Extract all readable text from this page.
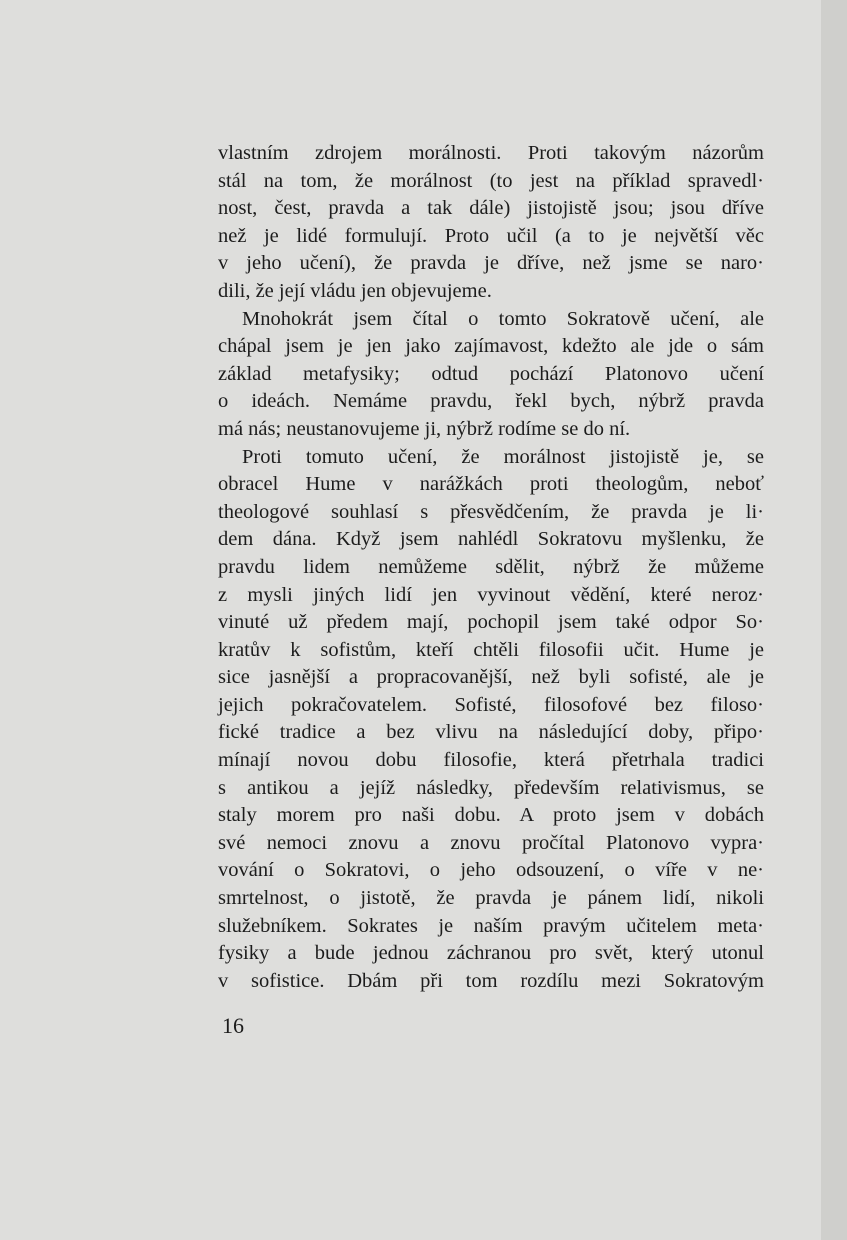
vlastním zdrojem morálnosti. Proti takovým názorům
stál na tom, že morálnost (to jest na příklad spravedl·
nost, čest, pravda a tak dále) jistojistě jsou; jsou dříve
než je lidé formulují. Proto učil (a to je největší věc
v jeho učení), že pravda je dříve, než jsme se naro·
dili, že její vládu jen objevujeme.
Mnohokrát jsem čítal o tomto Sokratově učení, ale
chápal jsem je jen jako zajímavost, kdežto ale jde o sám
základ metafysiky; odtud pochází Platonovo učení
o ideách. Nemáme pravdu, řekl bych, nýbrž pravda
má nás; neustanovujeme ji, nýbrž rodíme se do ní.
Proti tomuto učení, že morálnost jistojistě je, se
obracel Hume v narážkách proti theologům, neboť
theologové souhlasí s přesvědčením, že pravda je li·
dem dána. Když jsem nahlédl Sokratovu myšlenku, že
pravdu lidem nemůžeme sdělit, nýbrž že můžeme
z mysli jiných lidí jen vyvinout vědění, které neroz·
vinuté už předem mají, pochopil jsem také odpor So·
kratův k sofistům, kteří chtěli filosofii učit. Hume je
sice jasnější a propracovanější, než byli sofisté, ale je
jejich pokračovatelem. Sofisté, filosofové bez filoso·
fické tradice a bez vlivu na následující doby, připo·
mínají novou dobu filosofie, která přetrhala tradici
s antikou a jejíž následky, především relativismus, se
staly morem pro naši dobu. A proto jsem v dobách
své nemoci znovu a znovu pročítal Platonovo vypra·
vování o Sokratovi, o jeho odsouzení, o víře v ne·
smrtelnost, o jistotě, že pravda je pánem lidí, nikoli
služebníkem. Sokrates je naším pravým učitelem meta·
fysiky a bude jednou záchranou pro svět, který utonul
v sofistice. Dbám při tom rozdílu mezi Sokratovým
16
